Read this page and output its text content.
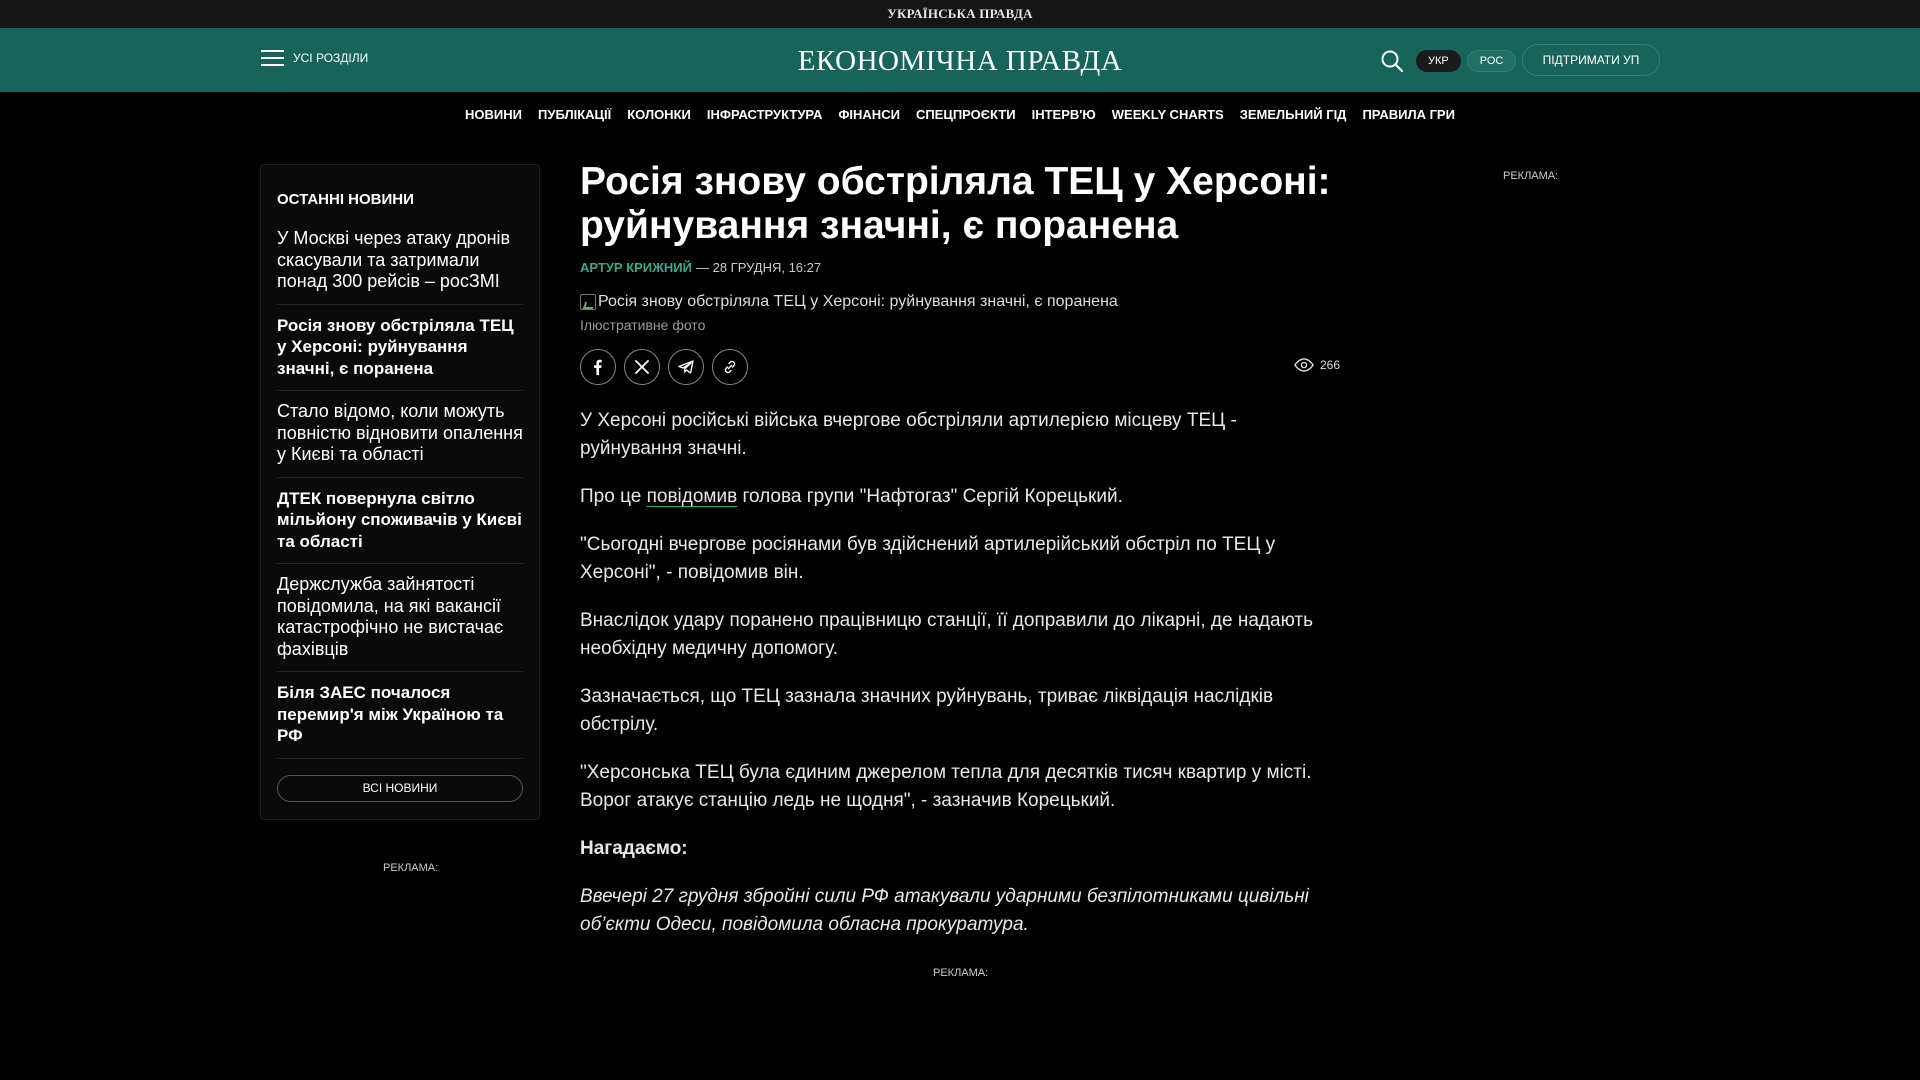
УКРАЇНСЬКА ПРАВДА
УСІ РОЗДІЛИ	ЕКОНОМІЧНА ПРАВДА	УКР	РОС	ПІДТРИМАТИ УП
НОВИНИ ПУБЛІКАЦІЇ КОЛОНКИ ІНФРАСТРУКТУРА ФІНАНСИ СПЕЦПРОЄКТИ ІНТЕРВ'Ю WEEKLY CHARTS ЗЕМЕЛЬНИЙ ГІД ПРАВИЛА ГРИ
ОСТАННІ НОВИНИ
У Москві через атаку дронів скасували та затримали понад 300 рейсів – росЗМІ
Росія знову обстріляла ТЕЦ у Херсоні: руйнування значні, є поранена
Стало відомо, коли можуть повністю відновити опалення у Києві та області
ДТЕК повернула світло мільйону споживачів у Києві та області
Держслужба зайнятості повідомила, на які вакансії катастрофічно не вистачає фахівців
Біля ЗАЕС почалося перемир'я між Україною та РФ
ВСІ НОВИНИ
РЕКЛАМА:
РЕКЛАМА:
РЕКЛАМА:
Росія знову обстріляла ТЕЦ у Херсоні: руйнування значні, є поранена
АРТУР КРИЖНИЙ — 28 ГРУДНЯ, 16:27
Росія знову обстріляла ТЕЦ у Херсоні: руйнування значні, є поранена
Ілюстративне фото
266

У Херсоні російські війська вчергове обстріляли артилерією місцеву ТЕЦ - руйнування значні.

Про це повідомив голова групи "Нафтогаз" Сергій Корецький.

"Сьогодні вчергове росіянами був здійснений артилерійський обстріл по ТЕЦ у Херсоні", - повідомив він.

Внаслідок удару поранено працівницю станції, її доправили до лікарні, де надають необхідну медичну допомогу.

Зазначається, що ТЕЦ зазнала значних руйнувань, триває ліквідація наслідків обстрілу.

"Херсонська ТЕЦ була єдиним джерелом тепла для десятків тисяч квартир у місті. Ворог атакує станцію ледь не щодня", - зазначив Корецький.

Нагадаємо:

Ввечері 27 грудня збройні сили РФ атакували ударними безпілотниками цивільні об’єкти Одеси, повідомила обласна прокуратура.
